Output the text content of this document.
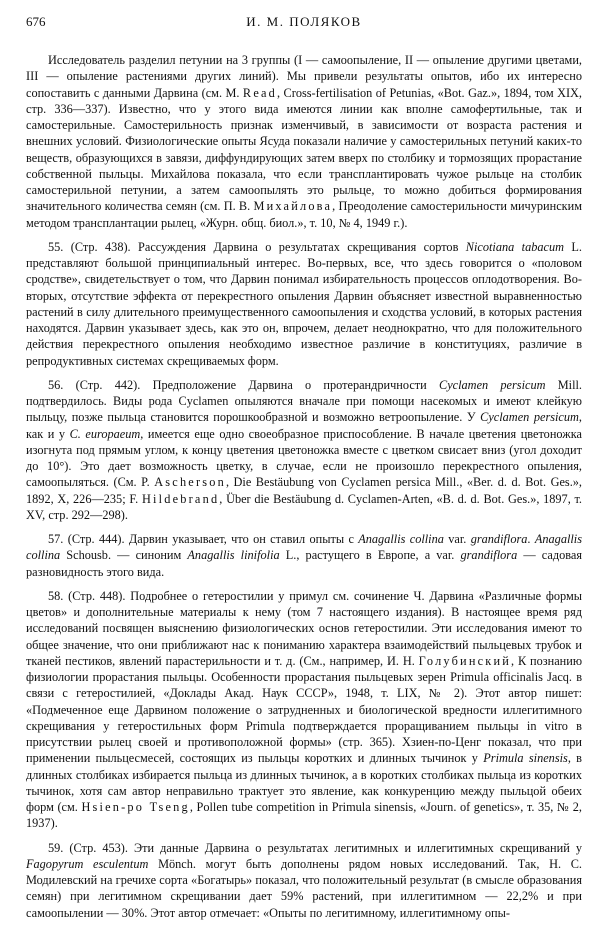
676	И. М. ПОЛЯКОВ

Исследователь разделил петунии на 3 группы (I — самоопыление, II — опыление другими цветами, III — опыление растениями других линий). Мы привели результаты опытов, ибо их интересно сопоставить с данными Дарвина (см. M. Read, Cross-fertilisation of Petunias, «Bot. Gaz.», 1894, том XIX, стр. 336—337). Известно, что у этого вида имеются линии как вполне самофертильные, так и самостерильные. Самостерильность признак изменчивый, в зависимости от возраста растения и внешних условий. Физиологические опыты Ясуда показали наличие у самостерильных петуний каких-то веществ, образующихся в завязи, диффундирующих затем вверх по столбику и тормозящих прорастание собственной пыльцы. Михайлова показала, что если трансплантировать чужое рыльце на столбик самостерильной петунии, а затем самоопылять это рыльце, то можно добиться формирования значительного количества семян (см. П. В. Михайлова, Преодоление самостерильности мичуринским методом трансплантации рылец, «Журн. общ. биол.», т. 10, № 4, 1949 г.).

55. (Стр. 438). Рассуждения Дарвина о результатах скрещивания сортов Nicotiana tabacum L. представляют большой принципиальный интерес. Во-первых, все, что здесь говорится о «половом сродстве», свидетельствует о том, что Дарвин понимал избирательность процессов оплодотворения. Во-вторых, отсутствие эффекта от перекрестного опыления Дарвин объясняет известной выравненностью растений в силу длительного преимущественного самоопыления и сходства условий, в которых растения находятся. Дарвин указывает здесь, как это он, впрочем, делает неоднократно, что для положительного действия перекрестного опыления необходимо известное различие в конституциях, различие в репродуктивных системах скрещиваемых форм.

56. (Стр. 442). Предположение Дарвина о протерандричности Cyclamen persicum Mill. подтвердилось. Виды рода Cyclamen опыляются вначале при помощи насекомых и имеют клейкую пыльцу, позже пыльца становится порошкообразной и возможно ветроопыление. У Cyclamen persicum, как и у C. europaeum, имеется еще одно своеобразное приспособление. В начале цветения цветоножка изогнута под прямым углом, к концу цветения цветоножка вместе с цветком свисает вниз (угол доходит до 10°). Это дает возможность цветку, в случае, если не произошло перекрестного опыления, самоопыляться. (См. P. Ascherson, Die Bestäubung von Cyclamen persica Mill., «Ber. d. d. Bot. Ges.», 1892, X, 226—235; F. Hildebrand, Über die Bestäubung d. Cyclamen-Arten, «B. d. d. Bot. Ges.», 1897, т. XV, стр. 292—298).

57. (Стр. 444). Дарвин указывает, что он ставил опыты с Anagallis collina var. grandiflora. Anagallis collina Schousb. — синоним Anagallis linifolia L., растущего в Европе, а var. grandiflora — садовая разновидность этого вида.

58. (Стр. 448). Подробнее о гетеростилии у примул см. сочинение Ч. Дарвина «Различные формы цветов» и дополнительные материалы к нему (том 7 настоящего издания). В настоящее время ряд исследований посвящен выяснению физиологических основ гетеростилии. Эти исследования имеют то общее значение, что они приближают нас к пониманию характера взаимодействий пыльцевых трубок и тканей пестиков, явлений парастерильности и т. д. (См., например, И. Н. Голубинский, К познанию физиологии прорастания пыльцы. Особенности прорастания пыльцевых зерен Primula officinalis Jacq. в связи с гетеростилией, «Доклады Акад. Наук СССР», 1948, т. LIX, № 2). Этот автор пишет: «Подмеченное еще Дарвином положение о затрудненных и биологической вредности иллегитимного скрещивания у гетеростильных форм Primula подтверждается проращиванием пыльцы in vitro в присутствии рылец своей и противоположной формы» (стр. 365). Хзиен-по-Ценг показал, что при применении пыльцесмесей, состоящих из пыльцы коротких и длинных тычинок у Primula sinensis, в длинных столбиках избирается пыльца из длинных тычинок, а в коротких столбиках пыльца из коротких тычинок, хотя сам автор неправильно трактует это явление, как конкуренцию между пыльцой обеих форм (см. Hsien-po Tseng, Pollen tube competition in Primula sinensis, «Journ. of genetics», т. 35, № 2, 1937).

59. (Стр. 453). Эти данные Дарвина о результатах легитимных и иллегитимных скрещиваний у Fagopyrum esculentum Mönch. могут быть дополнены рядом новых исследований. Так, Н. С. Модилевский на гречихе сорта «Богатырь» показал, что положительный результат (в смысле образования семян) при легитимном скрещивании дает 59% растений, при иллегитимном — 22,2% и при самоопылении — 30%. Этот автор отмечает: «Опыты по легитимному, иллегитимному опы-
